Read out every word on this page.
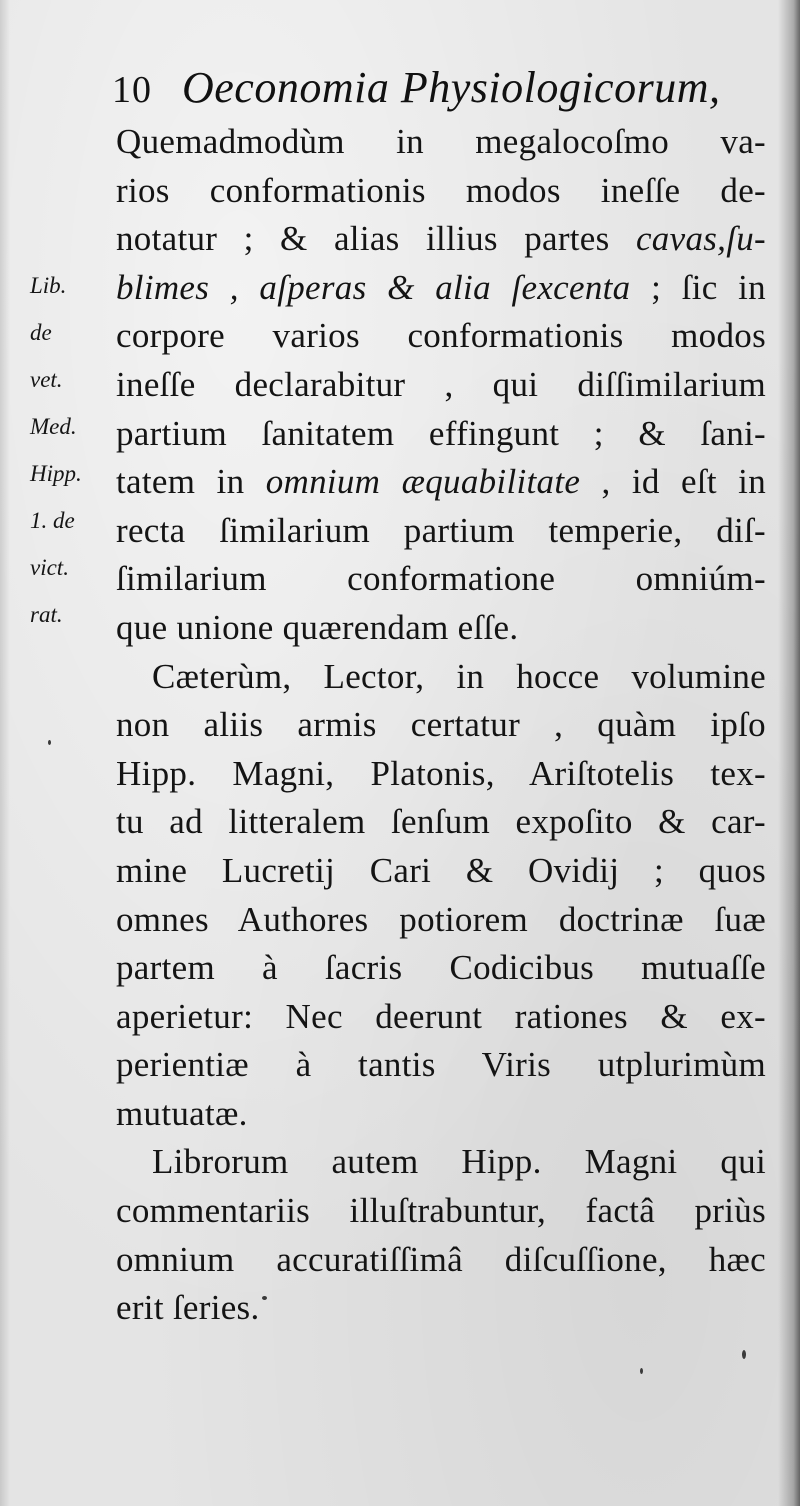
10 Oeconomia Physiologicorum,
Lib.
de
vet.
Med.
Hipp.
1. de
vict.
rat.
Quemadmodùm in megalocoſmo va-
rios conformationis modos ineſſe de-
notatur ; & alias illius partes cavas,ſu-
blimes , aſperas & alia ſexcenta ; ſic in
corpore varios conformationis modos
ineſſe declarabitur , qui diſſimilarium
partium ſanitatem effingunt ; & ſani-
tatem in omnium æquabilitate , id eſt in
recta ſimilarium partium temperie, diſ-
ſimilarium conformatione omniúm-
que unione quærendam eſſe.
Cæterùm, Lector, in hocce volumine
non aliis armis certatur , quàm ipſo
Hipp. Magni, Platonis, Ariſtotelis tex-
tu ad litteralem ſenſum expoſito & car-
mine Lucretij Cari & Ovidij ; quos
omnes Authores potiorem doctrinæ ſuæ
partem à ſacris Codicibus mutuaſſe
aperietur: Nec deerunt rationes & ex-
perientiæ à tantis Viris utplurimùm
mutuatæ.
Librorum autem Hipp. Magni qui
commentariis illuſtrabuntur, factâ priùs
omnium accuratiſſimâ diſcuſſione, hæc
erit ſeries.
